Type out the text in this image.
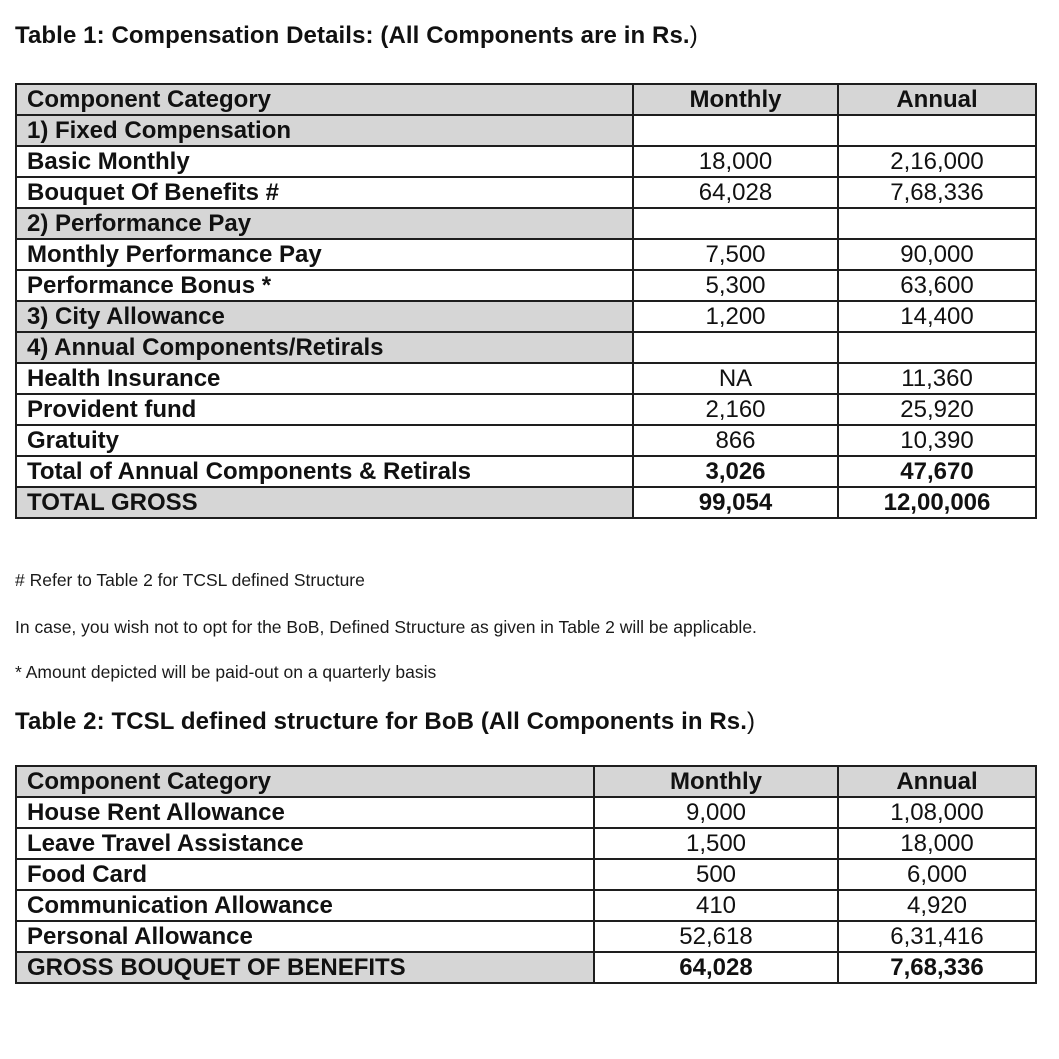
Table 1: Compensation Details: (All Components are in Rs.)
Component Category	Monthly	Annual
1) Fixed Compensation		
Basic Monthly	18,000	2,16,000
Bouquet Of Benefits #	64,028	7,68,336
2) Performance Pay		
Monthly Performance Pay	7,500	90,000
Performance Bonus *	5,300	63,600
3) City Allowance	1,200	14,400
4) Annual Components/Retirals		
Health Insurance	NA	11,360
Provident fund	2,160	25,920
Gratuity	866	10,390
Total of Annual Components & Retirals	3,026	47,670
TOTAL GROSS	99,054	12,00,006
# Refer to Table 2 for TCSL defined Structure
In case, you wish not to opt for the BoB, Defined Structure as given in Table 2 will be applicable.
* Amount depicted will be paid-out on a quarterly basis
Table 2: TCSL defined structure for BoB (All Components in Rs.)
Component Category	Monthly	Annual
House Rent Allowance	9,000	1,08,000
Leave Travel Assistance	1,500	18,000
Food Card	500	6,000
Communication Allowance	410	4,920
Personal Allowance	52,618	6,31,416
GROSS BOUQUET OF BENEFITS	64,028	7,68,336
